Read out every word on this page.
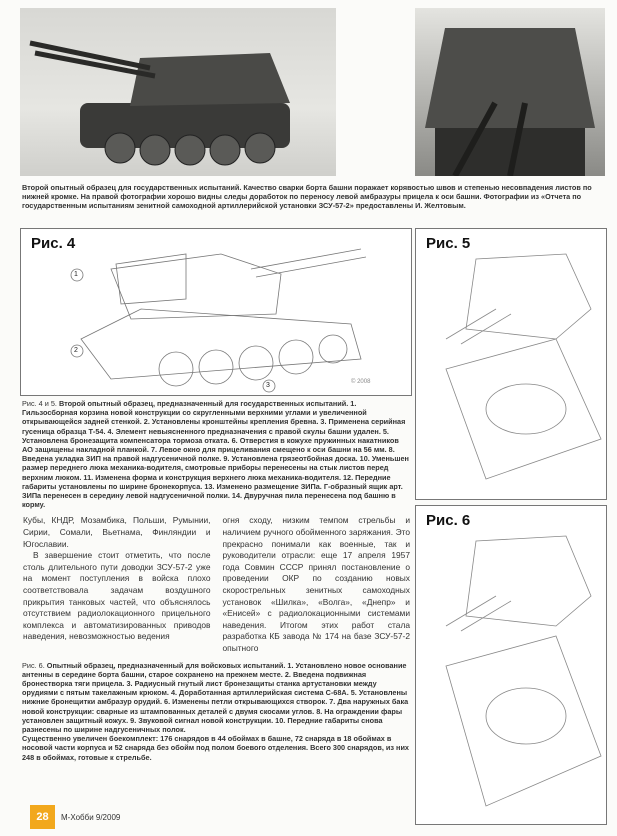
Второй опытный образец для государственных испытаний. Качество сварки борта башни поражает корявостью швов и степенью несовпадения листов по нижней кромке. На правой фотографии хорошо видны следы доработок по переносу левой амбразуры прицела к оси башни. Фотографии из «Отчета по государственным испытаниям зенитной самоходной артиллерийской установки ЗСУ-57-2» предоставлены И. Желтовым.
Рис. 4
1
2
3	© 2008
Рис. 5
Рис. 6
Рис. 4 и 5. Второй опытный образец, предназначенный для государственных испытаний. 1. Гильзосборная корзина новой конструкции со скругленными верхними углами и увеличенной открывающейся задней стенкой. 2. Установлены кронштейны крепления бревна. 3. Применена серийная гусеница образца Т-54. 4. Элемент невыясненного предназначения с правой скулы башни удален. 5. Установлена бронезащита компенсатора тормоза отката. 6. Отверстия в кожухе пружинных накатников АО защищены накладной планкой. 7. Левое окно для прицеливания смещено к оси башни на 56 мм. 8. Введена укладка ЗИП на правой надгусеничной полке. 9. Установлена грязеотбойная доска. 10. Уменьшен размер переднего люка механика-водителя, смотровые приборы перенесены на стык листов перед верхним люком. 11. Изменена форма и конструкция верхнего люка механика-водителя. 12. Передние габариты установлены по ширине бронекорпуса. 13. Изменено размещение ЗИПа. Г-образный ящик арт. ЗИПа перенесен в середину левой надгусеничной полки. 14. Двуручная пила перенесена под башню в корму.

Кубы, КНДР, Мозамбика, Польши, Румынии, Сирии, Сомали, Вьетнама, Финляндии и Югославии.

В завершение стоит отметить, что после столь длительного пути доводки ЗСУ-57-2 уже на момент поступления в войска плохо соответствовала задачам воздушного прикрытия танковых частей, что объяснялось отсутствием радиолокационного прицельного комплекса и автоматизированных приводов наведения, невозможностью ведения

огня сходу, низким темпом стрельбы и наличием ручного обойменного заряжания. Это прекрасно понимали как военные, так и руководители отрасли: еще 17 апреля 1957 года Совмин СССР принял постановление о проведении ОКР по созданию новых скорострельных зенитных самоходных установок «Шилка», «Волга», «Днепр» и «Енисей» с радиолокационными системами наведения. Итогом этих работ стала разработка КБ завода № 174 на базе ЗСУ-57-2 опытного

Рис. 6. Опытный образец, предназначенный для войсковых испытаний. 1. Установлено новое основание антенны в середине борта башни, старое сохранено на прежнем месте. 2. Введена подвижная бронестворка тяги прицела. 3. Радиусный гнутый лист бронезащиты станка артустановки между орудиями с пятым такелажным крюком. 4. Доработанная артиллерийская система С-68А. 5. Установлены нижние бронещитки амбразур орудий. 6. Изменены петли открывающихся створок. 7. Два наружных бака новой конструкции: сварные из штампованных деталей с двумя скосами углов. 8. На ограждении фары установлен защитный кожух. 9. Звуковой сигнал новой конструкции. 10. Передние габариты снова разнесены по ширине надгусеничных полок.
Существенно увеличен боекомплект: 176 снарядов в 44 обоймах в башне, 72 снаряда в 18 обоймах в носовой части корпуса и 52 снаряда без обойм под полом боевого отделения. Всего 300 снарядов, из них 248 в обоймах, готовые к стрельбе.
28	М-Хобби 9/2009
